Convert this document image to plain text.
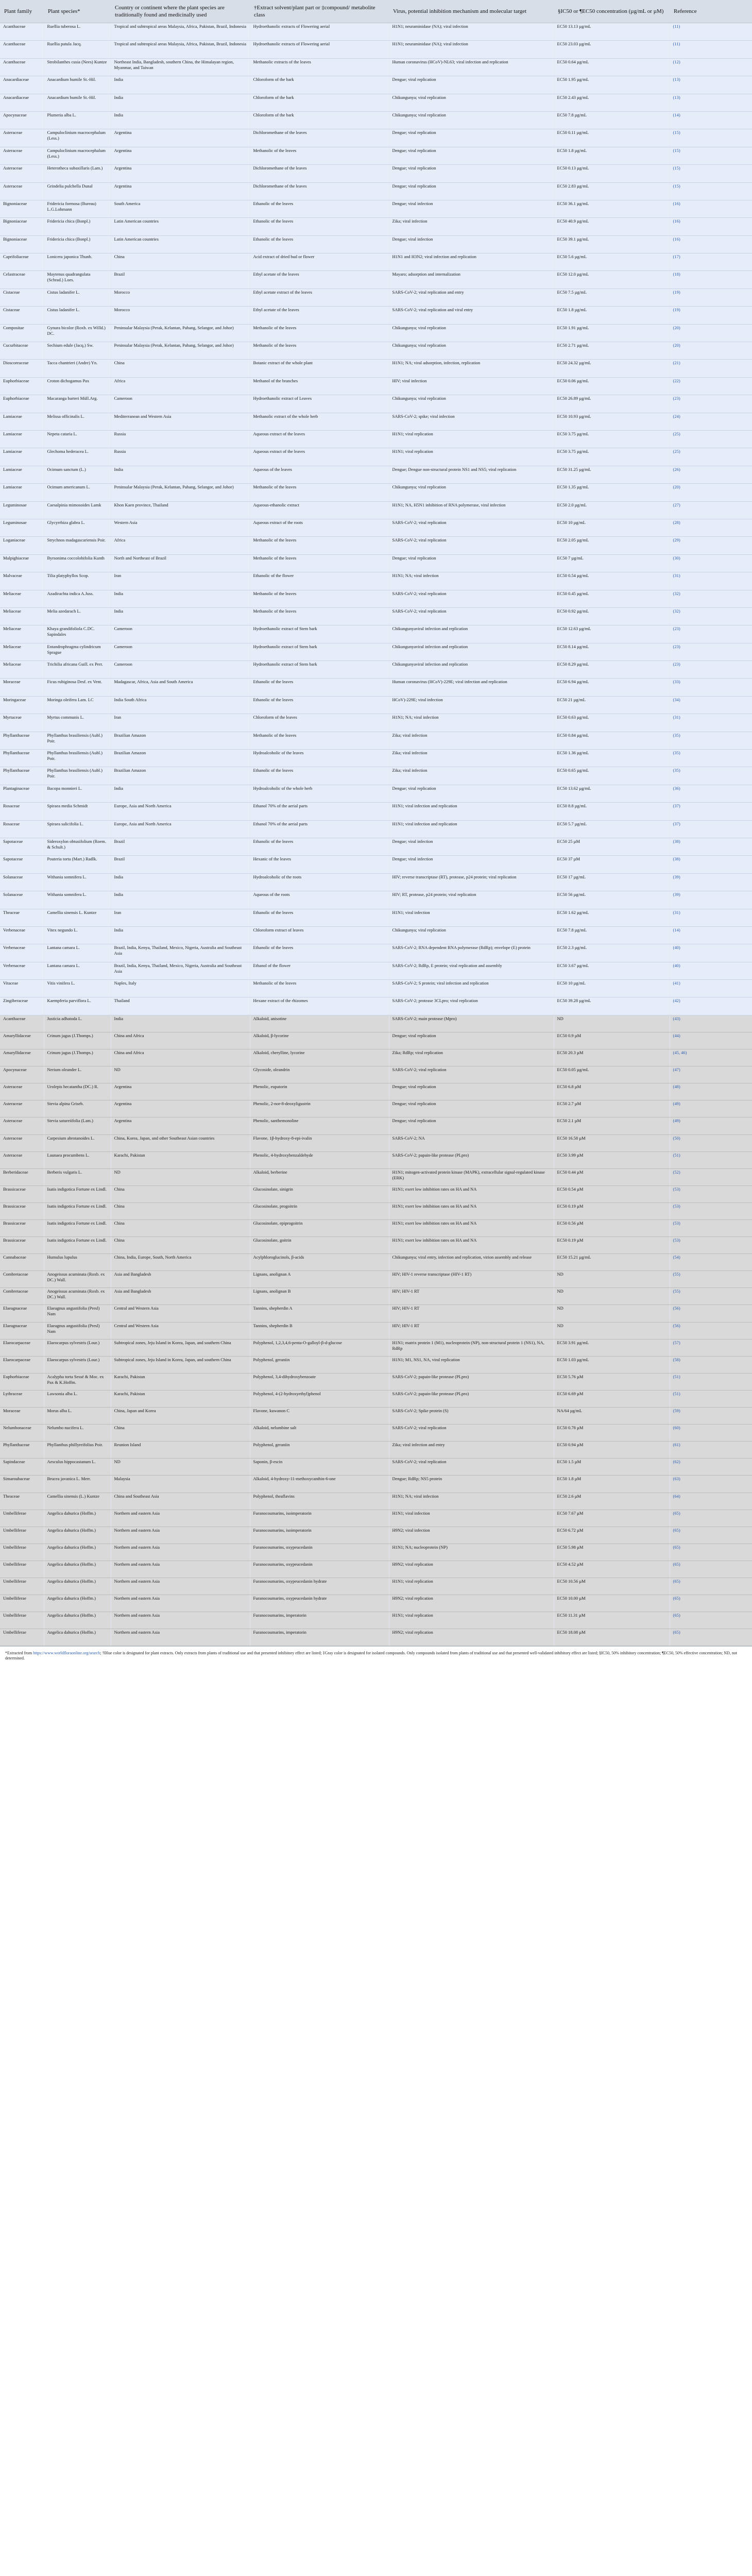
Plant family	Plant species*	Country or continent where the plant species are traditionally found and medicinally used	†Extract solvent/plant part or ‡compound/ metabolite class	Virus, potential inhibition mechanism and molecular target	§IC50 or ¶EC50 concentration (µg/mL or µM)	Reference
Acanthaceae	Ruellia tuberosa L.	Tropical and subtropical areas Malaysia, Africa, Pakistan, Brazil, Indonesia	Hydroethanolic extracts of Flowering aerial	H1N1; neuraminidase (NA); viral infection	EC50 13.13 µg/mL	(11)
Acanthaceae	Ruellia patula Jacq.	Tropical and subtropical areas Malaysia, Africa, Pakistan, Brazil, Indonesia	Hydroethanolic extracts of Flowering aerial	H1N1; neuraminidase (NA); viral infection	EC50 23.03 µg/mL	(11)
Acanthaceae	Strobilanthes cusia (Nees) Kuntze	Northeast India, Bangladesh, southern China, the Himalayan region, Myanmar, and Taiwan	Methanolic extracts of the leaves	Human coronavirus (HCoV)-NL63; viral infection and replication	EC50 0.64 µg/mL	(12)
Anacardiaceae	Anacardium humile St.-Hil.	India	Chloroform of the bark	Dengue; viral replication	EC50 1.95 µg/mL	(13)
Anacardiaceae	Anacardium humile St.-Hil.	India	Chloroform of the bark	Chikungunya; viral replication	EC50 2.43 µg/mL	(13)
Apocynaceae	Plumeria alba L.	India	Chloroform of the bark	Chikungunya; viral replication	EC50 7.8 µg/mL	(14)
Asteraceae	Campuloclinium macrocephalum (Less.)	Argentina	Dichloromethane of the leaves	Dengue; viral replication	EC50 0.11 µg/mL	(15)
Asteraceae	Campuloclinium macrocephalum (Less.)	Argentina	Methanolic of the leaves	Dengue; viral replication	EC50 1.8 µg/mL	(15)
Asteraceae	Heterotheca subaxillaris (Lam.)	Argentina	Dichloromethane of the leaves	Dengue; viral replication	EC50 0.13 µg/mL	(15)
Asteraceae	Grindelia pulchella Dunal	Argentina	Dichloromethane of the leaves	Dengue; viral replication	EC50 2.83 µg/mL	(15)
Bignoniaceae	Fridericia formosa (Bureau) L.G.Lohmann	South America	Ethanolic of the leaves	Dengue; viral infection	EC50 36.1 µg/mL	(16)
Bignoniaceae	Fridericia chica (Bonpl.)	Latin American countries	Ethanolic of the leaves	Zika; viral infection	EC50 40.9 µg/mL	(16)
Bignoniaceae	Fridericia chica (Bonpl.)	Latin American countries	Ethanolic of the leaves	Dengue; viral infection	EC50 39.1 µg/mL	(16)
Caprifoliaceae	Lonicera japonica Thunb.	China	Acid extract of dried bud or flower	H1N1 and H3N2; viral infection and replication	EC50 5.6 µg/mL	(17)
Celastraceae	Maytenus quadrangulata (Schrad.) Loes.	Brazil	Ethyl acetate of the leaves	Mayaro; adsorption and internalization	EC50 12.0 µg/mL	(18)
Cistaceae	Cistus ladanifer L.	Morocco	Ethyl acetate extract of the leaves	SARS-CoV-2; viral replication and entry	EC50 7.5 µg/mL	(19)
Cistaceae	Cistus ladanifer L.	Morocco	Ethyl acetate of the leaves	SARS-CoV-2; viral replication and viral entry	EC50 1.8 µg/mL	(19)
Compositae	Gynura bicolor (Roxb. ex Willd.) DC.	Peninsular Malaysia (Perak, Kelantan, Pahang, Selangor, and Johor)	Methanolic of the leaves	Chikungunya; viral replication	EC50 1.91 µg/mL	(20)
Cucurbitaceae	Sechium edule (Jacq.) Sw.	Peninsular Malaysia (Perak, Kelantan, Pahang, Selangor, and Johor)	Methanolic of the leaves	Chikungunya; viral replication	EC50 2.71 µg/mL	(20)
Dioscoreaceae	Tacca chantrieri (Andre) Yn.	China	Botanic extract of the whole plant	H1N1; NA; viral adsorption, infection, replication	EC50 24.32 µg/mL	(21)
Euphorbiaceae	Croton dichogamus Pax	Africa	Methanol of the branches	HIV; viral infection	EC50 0.06 µg/mL	(22)
Euphorbiaceae	Macaranga barteri Müll.Arg.	Cameroon	Hydroethanolic extract of Leaves	Chikungunya; viral replication	EC50 26.89 µg/mL	(23)
Lamiaceae	Melissa officinalis L.	Mediterranean and Western Asia	Methanolic extract of the whole herb	SARS-CoV-2; spike; viral infection	EC50 10.93 µg/mL	(24)
Lamiaceae	Nepeta cataria L.	Russia	Aqueous extract of the leaves	H1N1; viral replication	EC50 3.75 µg/mL	(25)
Lamiaceae	Glechoma hederacea L.	Russia	Aqueous extract of the leaves	H1N1; viral replication	EC50 3.75 µg/mL	(25)
Lamiaceae	Ocimum sanctum (L.)	India	Aqueous of the leaves	Dengue; Dengue non-structural protein NS1 and NS5; viral replication	EC50 31.25 µg/mL	(26)
Lamiaceae	Ocimum americanum L.	Peninsular Malaysia (Perak, Kelantan, Pahang, Selangor, and Johor)	Methanolic of the leaves	Chikungunya; viral replication	EC50 1.35 µg/mL	(20)
Leguminosae	Caesalpinia mimosoides Lamk	Khon Kaen province, Thailand	Aqueous-ethanolic extract	H1N1; NA, H5N1 inhibition of RNA polymerase, viral infection	EC50 2.0 µg/mL	(27)
Leguminosae	Glycyrrhiza glabra L.	Western Asia	Aqueous extract of the roots	SARS-CoV-2; viral replication	EC50 10 µg/mL	(28)
Loganiaceae	Strychnos madagascariensis Poir.	Africa	Methanolic of the leaves	SARS-CoV-2; viral replication	EC50 2.05 µg/mL	(29)
Malpighiaceae	Byrsonima coccolobifolia Kunth	North and Northeast of Brazil	Methanolic of the leaves	Dengue; viral replication	EC50 7 µg/mL	(30)
Malvaceae	Tilia platyphyllos Scop.	Iran	Ethanolic of the flower	H1N1; NA; viral infection	EC50 0.54 µg/mL	(31)
Meliaceae	Azadirachta indica A.Juss.	India	Methanolic of the leaves	SARS-CoV-2; viral replication	EC50 0.45 µg/mL	(32)
Meliaceae	Melia azedarach L.	India	Methanolic of the leaves	SARS-CoV-2; viral replication	EC50 0.92 µg/mL	(32)
Meliaceae	Khaya grandifoliola C.DC. Sapindales	Cameroon	Hydroethanolic extract of Stem bark	Chikungunyaviral infection and replication	EC50 12.63 µg/mL	(23)
Meliaceae	Entandrophragma cylindricum Sprague	Cameroon	Hydroethanolic extract of Stem bark	Chikungunyaviral infection and replication	EC50 8.14 µg/mL	(23)
Meliaceae	Trichilia africana Guill. ex Perr.	Cameroon	Hydroethanolic extract of Stem bark	Chikungunyaviral infection and replication	EC50 8.29 µg/mL	(23)
Moraceae	Ficus rubiginosa Desf. ex Vent.	Madagascar, Africa, Asia and South America	Ethanolic of the leaves	Human coronavirus (HCoV)-229E; viral infection and replication	EC50 6.94 µg/mL	(33)
Moringaceae	Moringa oleifera Lam. LC	India South Africa	Ethanolic of the leaves	HCoV)-229E; viral infection	EC50 21 µg/mL	(34)
Myrtaceae	Myrtus communis L.	Iran	Chloroform of the leaves	H1N1; NA; viral infection	EC50 0.63 µg/mL	(31)
Phyllanthaceae	Phyllanthus brasiliensis (Aubl.) Poir.	Brazilian Amazon	Methanolic of the leaves	Zika; viral infection	EC50 0.84 µg/mL	(35)
Phyllanthaceae	Phyllanthus brasiliensis (Aubl.) Poir.	Brazilian Amazon	Hydroalcoholic of the leaves	Zika; viral infection	EC50 1.36 µg/mL	(35)
Phyllanthaceae	Phyllanthus brasiliensis (Aubl.) Poir.	Brazilian Amazon	Ethanolic of the leaves	Zika; viral infection	EC50 0.65 µg/mL	(35)
Plantaginaceae	Bacopa monnieri L.	India	Hydroalcoholic of the whole herb	Dengue; viral replication	EC50 13.62 µg/mL	(36)
Rosaceae	Spiraea media Schmidt	Europe, Asia and North America	Ethanol 70% of the aerial parts	H1N1; viral infection and replication	EC50 8.8 µg/mL	(37)
Rosaceae	Spiraea salicifolia L.	Europe, Asia and North America	Ethanol 70% of the aerial parts	H1N1; viral infection and replication	EC50 5.7 µg/mL	(37)
Sapotaceae	Sideroxylon obtusifolium (Roem. & Schult.)	Brazil	Ethanolic of the leaves	Dengue; viral infection	EC50 25 µM	(38)
Sapotaceae	Pouteria torta (Mart.) Radlk.	Brazil	Hexanic of the leaves	Dengue; viral infection	EC50 37 µM	(38)
Solanaceae	Withania somnifera L.	India	Hydroalcoholic of the roots	HIV; reverse transcriptase (RT), protease, p24 protein; viral replication	EC50 17 µg/mL	(39)
Solanaceae	Withania somnifera L.	India	Aqueous of the roots	HIV; RT, protease, p24 protein; viral replication	EC50 56 µg/mL	(39)
Theaceae	Camellia sinensis L. Kuntze	Iran	Ethanolic of the leaves	H1N1; viral infection	EC50 1.62 µg/mL	(31)
Verbenaceae	Vitex negundo L.	India	Chloroform extract of leaves	Chikungunya; viral replication	EC50 7.8 µg/mL	(14)
Verbenaceae	Lantana camara L.	Brazil, India, Kenya, Thailand, Mexico, Nigeria, Australia and Southeast Asia	Ethanolic of the leaves	SARS-CoV-2; RNA dependent RNA polymerase (RdRp); envelope (E) protein	EC50 2.3 µg/mL	(40)
Verbenaceae	Lantana camara L.	Brazil, India, Kenya, Thailand, Mexico, Nigeria, Australia and Southeast Asia	Ethanol of the flower	SARS-CoV-2; RdRp, E protein; viral replication and assembly	EC50 3.67 µg/mL	(40)
Vitaceae	Vitis vinifera L.	Naples, Italy	Methanolic of the leaves	SARS-CoV-2; S protein; viral infection and replication	EC50 10 µg/mL	(41)
Zingiberaceae	Kaempferia parviflora L.	Thailand	Hexane extract of the rhizomes	SARS-CoV-2; protease 3CLpro; viral replication	EC50 39.28 µg/mL	(42)
Acanthaceae	Justicia adhatoda L.	India	Alkaloid, anisotine	SARS-CoV-2; main protease (Mpro)	ND	(43)
Amaryllidaceae	Crinum jagus (J.Thomps.)	China and Africa	Alkaloid, β-lycorine	Dengue; viral replication	EC50 0.9 µM	(44)
Amaryllidaceae	Crinum jagus (J.Thomps.)	China and Africa	Alkaloid, cherylline, lycorine	Zika; RdRp; viral replication	EC50 20.3 µM	(45, 46)
Apocynaceae	Nerium oleander L.	ND	Glycoside, oleandrin	SARS-CoV-2; viral replication	EC50 0.05 µg/mL	(47)
Asteraceae	Urolepis hecatantha (DC.) R.	Argentina	Phenolic, eupatorin	Dengue; viral replication	EC50 6.8 µM	(48)
Asteraceae	Stevia alpina Griseb.	Argentina	Phenolic, 2-nor-8-deoxyligustrin	Dengue; viral replication	EC50 2.7 µM	(49)
Asteraceae	Stevia satureiifolia (Lam.)	Argentina	Phenolic, santhemonoline	Dengue; viral replication	EC50 2.1 µM	(49)
Asteraceae	Carpesium abrotanoides L.	China, Korea, Japan, and other Southeast Asian countries	Flavone, 1β-hydroxy-8-epi-ivalin	SARS-CoV-2; NA	EC50 16.58 µM	(50)
Asteraceae	Launaea procumbens L.	Karachi, Pakistan	Phenolic, 4-hydroxybenzaldehyde	SARS-CoV-2; papain-like protease (PLpro)	EC50 3.99 µM	(51)
Berberidaceae	Berberis vulgaris L.	ND	Alkaloid, berberine	H1N1; mitogen-activated protein kinase (MAPK), extracellular signal-regulated kinase (ERK)	EC50 0.44 µM	(52)
Brassicaceae	Isatis indigotica Fortune ex Lindl.	China	Glucosinolate, sinigrin	H1N1; exert low inhibition rates on HA and NA	EC50 0.54 µM	(53)
Brassicaceae	Isatis indigotica Fortune ex Lindl.	China	Glucosinolate, progoitrin	H1N1; exert low inhibition rates on HA and NA	EC50 0.19 µM	(53)
Brassicaceae	Isatis indigotica Fortune ex Lindl.	China	Glucosinolate, epiprogoitrin	H1N1; exert low inhibition rates on HA and NA	EC50 0.56 µM	(53)
Brassicaceae	Isatis indigotica Fortune ex Lindl.	China	Glucosinolate, goitrin	H1N1; exert low inhibition rates on HA and NA	EC50 0.19 µM	(53)
Cannabaceae	Humulus lupulus	China, India, Europe, South, North America	Acylphloroglucinols, β-acids	Chikungunya; viral entry, infection and replication, virion assembly and release	EC50 15.21 µg/mL	(54)
Combretaceae	Anogeissus acuminata (Roxb. ex DC.) Wall.	Asia and Bangladesh	Lignans, anolignan A	HIV; HIV-1 reverse transcriptase (HIV-1 RT)	ND	(55)
Combretaceae	Anogeissus acuminata (Roxb. ex DC.) Wall.	Asia and Bangladesh	Lignans, anolignan B	HIV; HIV-1 RT	ND	(55)
Elaeagnaceae	Elaeagnus angustifolia (Presl) Nam	Central and Western Asia	Tannins, shepherdin A	HIV; HIV-1 RT	ND	(56)
Elaeagnaceae	Elaeagnus angustifolia (Presl) Nam	Central and Western Asia	Tannins, shepherdin B	HIV; HIV-1 RT	ND	(56)
Elaeocarpaceae	Elaeocarpus sylvestris (Lour.)	Subtropical zones, Jeju Island in Korea, Japan, and southern China	Polyphenol, 1,2,3,4,6-penta-O-galloyl-β-d-glucose	H1N1; matrix protein 1 (M1), nucleoprotein (NP), non-structural protein 1 (NS1), NA, RdRp	EC50 3.91 µg/mL	(57)
Elaeocarpaceae	Elaeocarpus sylvestris (Lour.)	Subtropical zones, Jeju Island in Korea, Japan, and southern China	Polyphenol, geraniin	H1N1; M1, NS1, NA, viral replication	EC50 1.03 µg/mL	(58)
Euphorbiaceae	Acalypha torta Sessé & Moc. ex Pax & K.Hoffm.	Karachi, Pakistan	Polyphenol, 3,4-dihydroxybenzoate	SARS-CoV-2; papain-like protease (PLpro)	EC50 5.76 µM	(51)
Lythraceae	Lawsonia alba L.	Karachi, Pakistan	Polyphenol, 4-(2-hydroxyethyl)phenol	SARS-CoV-2; papain-like protease (PLpro)	EC50 6.69 µM	(51)
Moraceae	Morus alba L.	China, Japan and Korea	Flavone, kuwanon C	SARS-CoV-2; Spike protein (S)	NA/64 µg/mL	(59)
Nelumbonaceae	Nelumbo nucifera L.	China	Alkaloid, nelumbine salt	SARS-CoV-2; viral replication	EC50 0.78 µM	(60)
Phyllanthaceae	Phyllanthus phillyreifolius Poir.	Reunion Island	Polyphenol, geraniin	Zika; viral infection and entry	EC50 0.94 µM	(61)
Sapindaceae	Aesculus hippocastanum L.	ND	Saponin, β-escin	SARS-CoV-2; viral replication	EC50 1.5 µM	(62)
Simaroubaceae	Brucea javanica L. Merr.	Malaysia	Alkaloid, 4-hydroxy-11-methoxycanthin-6-one	Dengue; RdRp; NS5 protein	EC50 1.8 µM	(63)
Theaceae	Camellia sinensis (L.) Kuntze	China and Southeast Asia	Polyphenol, theaflavins	H1N1; NA; viral infection	EC50 2.6 µM	(64)
Umbelliferae	Angelica dahurica (Hoffm.)	Northern and eastern Asia	Furanocoumarins, isoimperatorin	H1N1; viral infection	EC50 7.67 µM	(65)
Umbelliferae	Angelica dahurica (Hoffm.)	Northern and eastern Asia	Furanocoumarins, isoimperatorin	H9N2; viral infection	EC50 6.72 µM	(65)
Umbelliferae	Angelica dahurica (Hoffm.)	Northern and eastern Asia	Furanocoumarins, oxypeucedanin	H1N1; NA; nucleoprotein (NP)	EC50 5.98 µM	(65)
Umbelliferae	Angelica dahurica (Hoffm.)	Northern and eastern Asia	Furanocoumarins, oxypeucedanin	H9N2; viral replication	EC50 4.52 µM	(65)
Umbelliferae	Angelica dahurica (Hoffm.)	Northern and eastern Asia	Furanocoumarins, oxypeucedanin hydrate	H1N1; viral replication	EC50 10.56 µM	(65)
Umbelliferae	Angelica dahurica (Hoffm.)	Northern and eastern Asia	Furanocoumarins, oxypeucedanin hydrate	H9N2; viral replication	EC50 10.00 µM	(65)
Umbelliferae	Angelica dahurica (Hoffm.)	Northern and eastern Asia	Furanocoumarins, imperatorin	H1N1; viral replication	EC50 11.31 µM	(65)
Umbelliferae	Angelica dahurica (Hoffm.)	Northern and eastern Asia	Furanocoumarins, imperatorin	H9N2; viral replication	EC50 18.08 µM	(65)
*Extracted from https://www.worldfloraonline.org/search; †Blue color is designated for plant extracts. Only extracts from plants of traditional use and that presented inhibitory effect are listed; ‡Gray color is designated for isolated compounds. Only compounds isolated from plants of traditional use and that presented well-validated inhibitory effect are listed; §IC50, 50% inhibitory concentration; ¶EC50, 50% effective concentration; ND, not determined.
